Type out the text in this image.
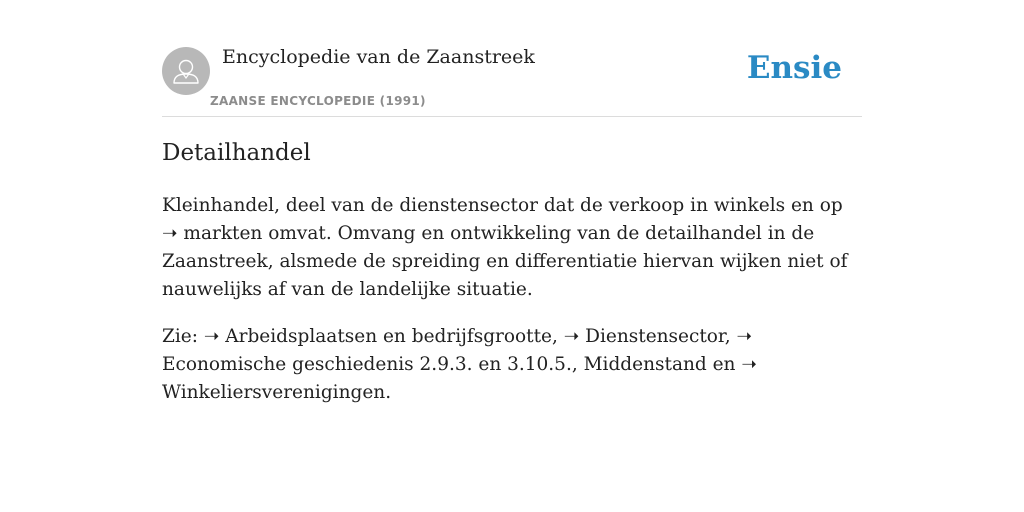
Encyclopedie van de Zaanstreek
ZAANSE ENCYCLOPEDIE (1991)
Ensie
Detailhandel

Kleinhandel, deel van de dienstensector dat de verkoop in winkels en op ➝ markten omvat. Omvang en ontwikkeling van de detailhandel in de Zaanstreek, alsmede de spreiding en differentiatie hiervan wijken niet of nauwelijks af van de landelijke situatie.

Zie: ➝ Arbeidsplaatsen en bedrijfsgrootte, ➝ Dienstensector, ➝ Economische geschiedenis 2.9.3. en 3.10.5., Middenstand en ➝ Winkeliersverenigingen.
